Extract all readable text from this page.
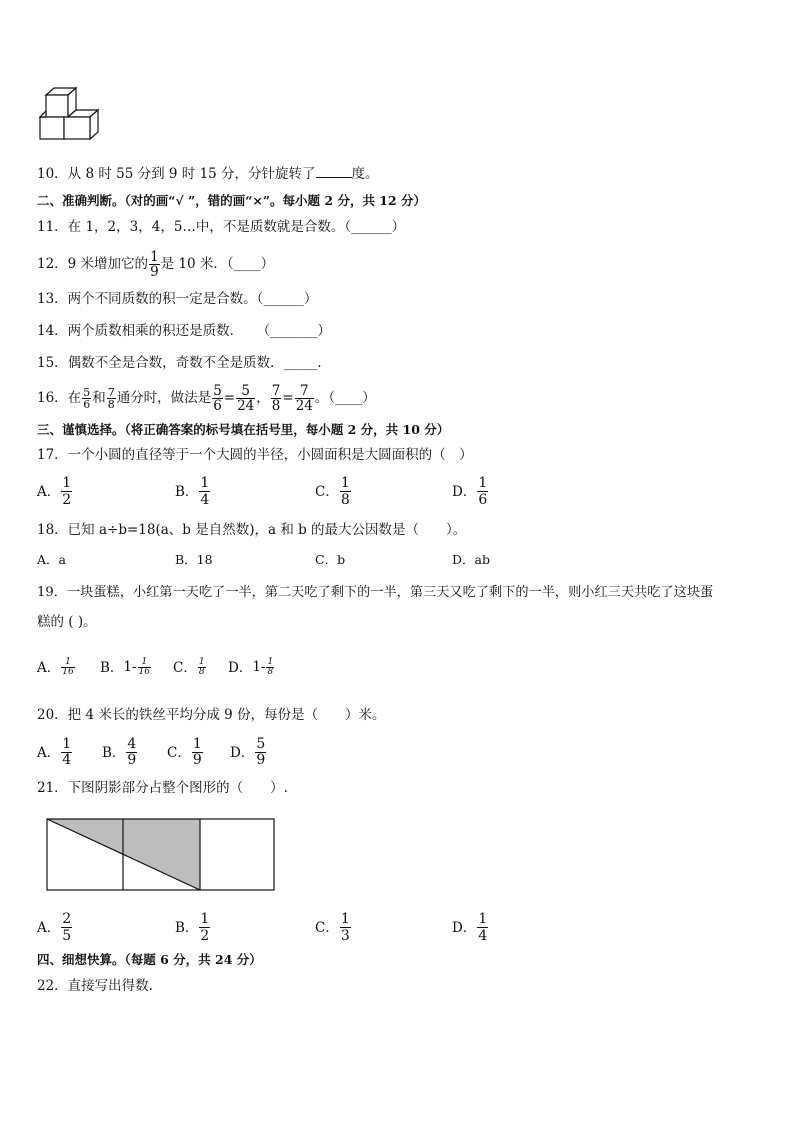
10．从 8 时 55 分到 9 时 15 分，分针旋转了	度。
二、准确判断。（对的画“√ ”，错的画“×”。每小题 2 分，共 12 分）
11．在 1，2，3，4，5…中，不是质数就是合数。（______）
12．9 米增加它的 $\frac{1}{9}$ 是 10 米．（____）
13．两个不同质数的积一定是合数。（______）
14．两个质数相乘的积还是质数．　　（_______）
15．偶数不全是合数，奇数不全是质数．_____．
16．在 $\frac{5}{6}$ 和 $\frac{7}{8}$ 通分时，做法是 $\frac{5}{6} = \frac{5}{24}$ ， $\frac{7}{8} = \frac{7}{24}$ 。（____）
三、谨慎选择。（将正确答案的标号填在括号里，每小题 2 分，共 10 分）
17．一个小圆的直径等于一个大圆的半径，小圆面积是大圆面积的（　）
A． $\frac{1}{2}$	B． $\frac{1}{4}$	C． $\frac{1}{8}$	D． $\frac{1}{6}$
18．已知 a÷b=18(a、b 是自然数)，a 和 b 的最大公因数是（　　）。
A．a	B．18	C．b	D．ab
19．一块蛋糕，小红第一天吃了一半，第二天吃了剩下的一半，第三天又吃了剩下的一半，则小红三天共吃了这块蛋
糕的 ( )。
A． $\frac{1}{16}$ B．$1- \frac{1}{16}$ C． $\frac{1}{8}$ D．$1- \frac{1}{8}$
20．把 4 米长的铁丝平均分成 9 份，每份是（　　）米。
A． $\frac{1}{4}$ B． $\frac{4}{9}$ C． $\frac{1}{9}$ D． $\frac{5}{9}$
21．下图阴影部分占整个图形的（　　）.
A． $\frac{2}{5}$	B． $\frac{1}{2}$	C． $\frac{1}{3}$	D． $\frac{1}{4}$
四、细想快算。（每题 6 分，共 24 分）
22．直接写出得数.
